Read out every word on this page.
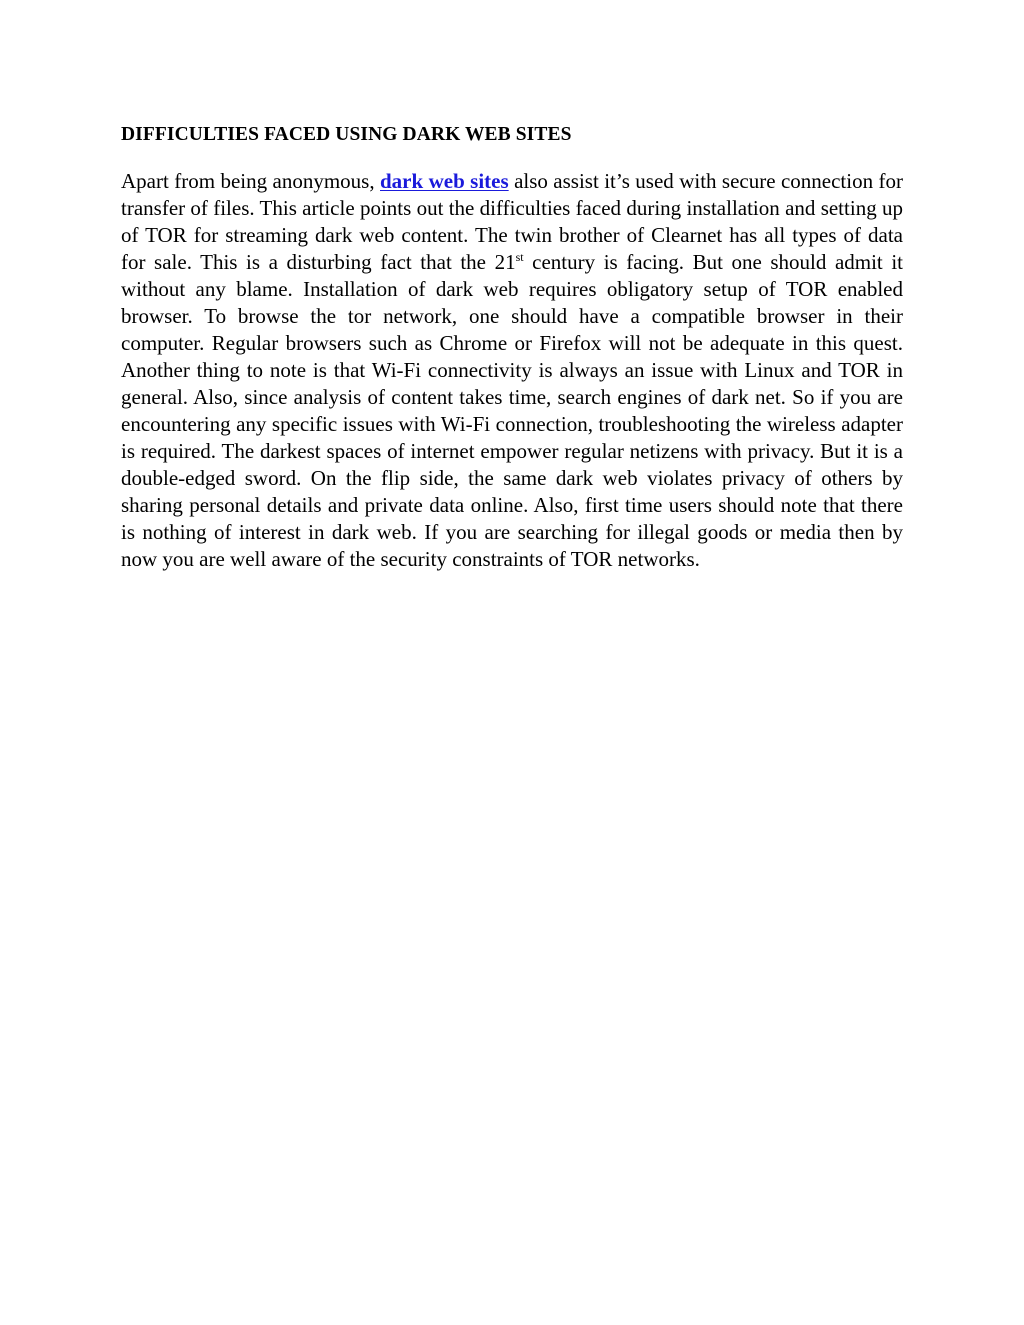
DIFFICULTIES FACED USING DARK WEB SITES

Apart from being anonymous, dark web sites also assist it’s used with secure connection for transfer of files. This article points out the difficulties faced during installation and setting up of TOR for streaming dark web content. The twin brother of Clearnet has all types of data for sale. This is a disturbing fact that the 21st century is facing. But one should admit it without any blame. Installation of dark web requires obligatory setup of TOR enabled browser. To browse the tor network, one should have a compatible browser in their computer. Regular browsers such as Chrome or Firefox will not be adequate in this quest. Another thing to note is that Wi-Fi connectivity is always an issue with Linux and TOR in general. Also, since analysis of content takes time, search engines of dark net. So if you are encountering any specific issues with Wi-Fi connection, troubleshooting the wireless adapter is required. The darkest spaces of internet empower regular netizens with privacy. But it is a double-edged sword. On the flip side, the same dark web violates privacy of others by sharing personal details and private data online. Also, first time users should note that there is nothing of interest in dark web. If you are searching for illegal goods or media then by now you are well aware of the security constraints of TOR networks.
